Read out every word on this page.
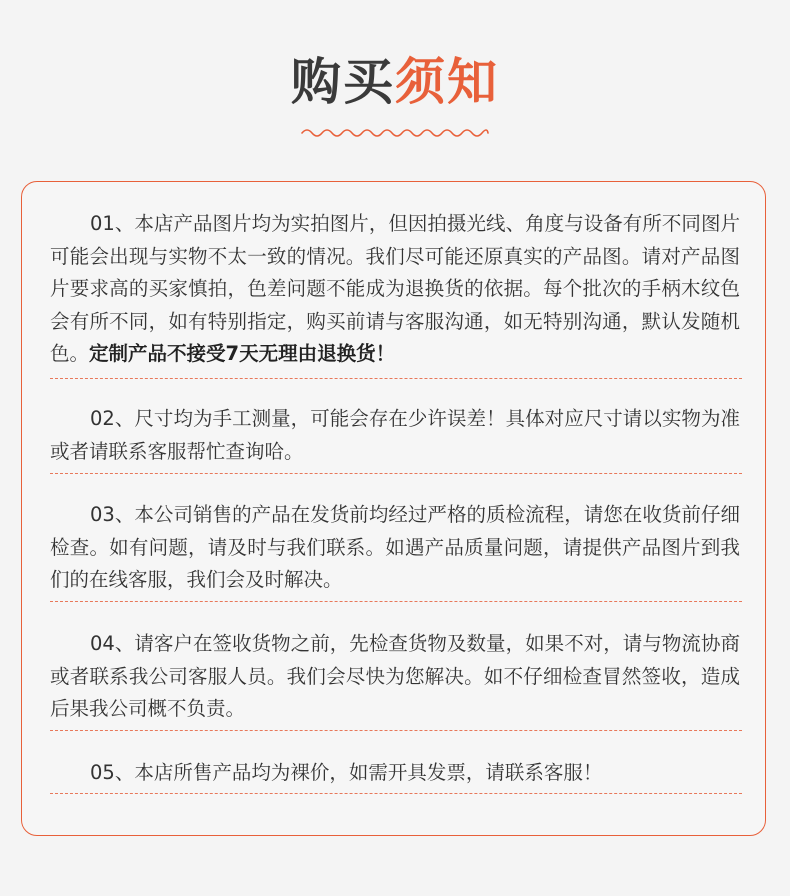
购买须知
01、本店产品图片均为实拍图片，但因拍摄光线、角度与设备有所不同图片可能会出现与实物不太一致的情况。我们尽可能还原真实的产品图。请对产品图片要求高的买家慎拍，色差问题不能成为退换货的依据。每个批次的手柄木纹色会有所不同，如有特别指定，购买前请与客服沟通，如无特别沟通，默认发随机色。定制产品不接受7天无理由退换货！
02、尺寸均为手工测量，可能会存在少许误差！具体对应尺寸请以实物为准或者请联系客服帮忙查询哈。
03、本公司销售的产品在发货前均经过严格的质检流程，请您在收货前仔细检查。如有问题，请及时与我们联系。如遇产品质量问题，请提供产品图片到我们的在线客服，我们会及时解决。
04、请客户在签收货物之前，先检查货物及数量，如果不对，请与物流协商或者联系我公司客服人员。我们会尽快为您解决。如不仔细检查冒然签收，造成后果我公司概不负责。
05、本店所售产品均为裸价，如需开具发票，请联系客服！
